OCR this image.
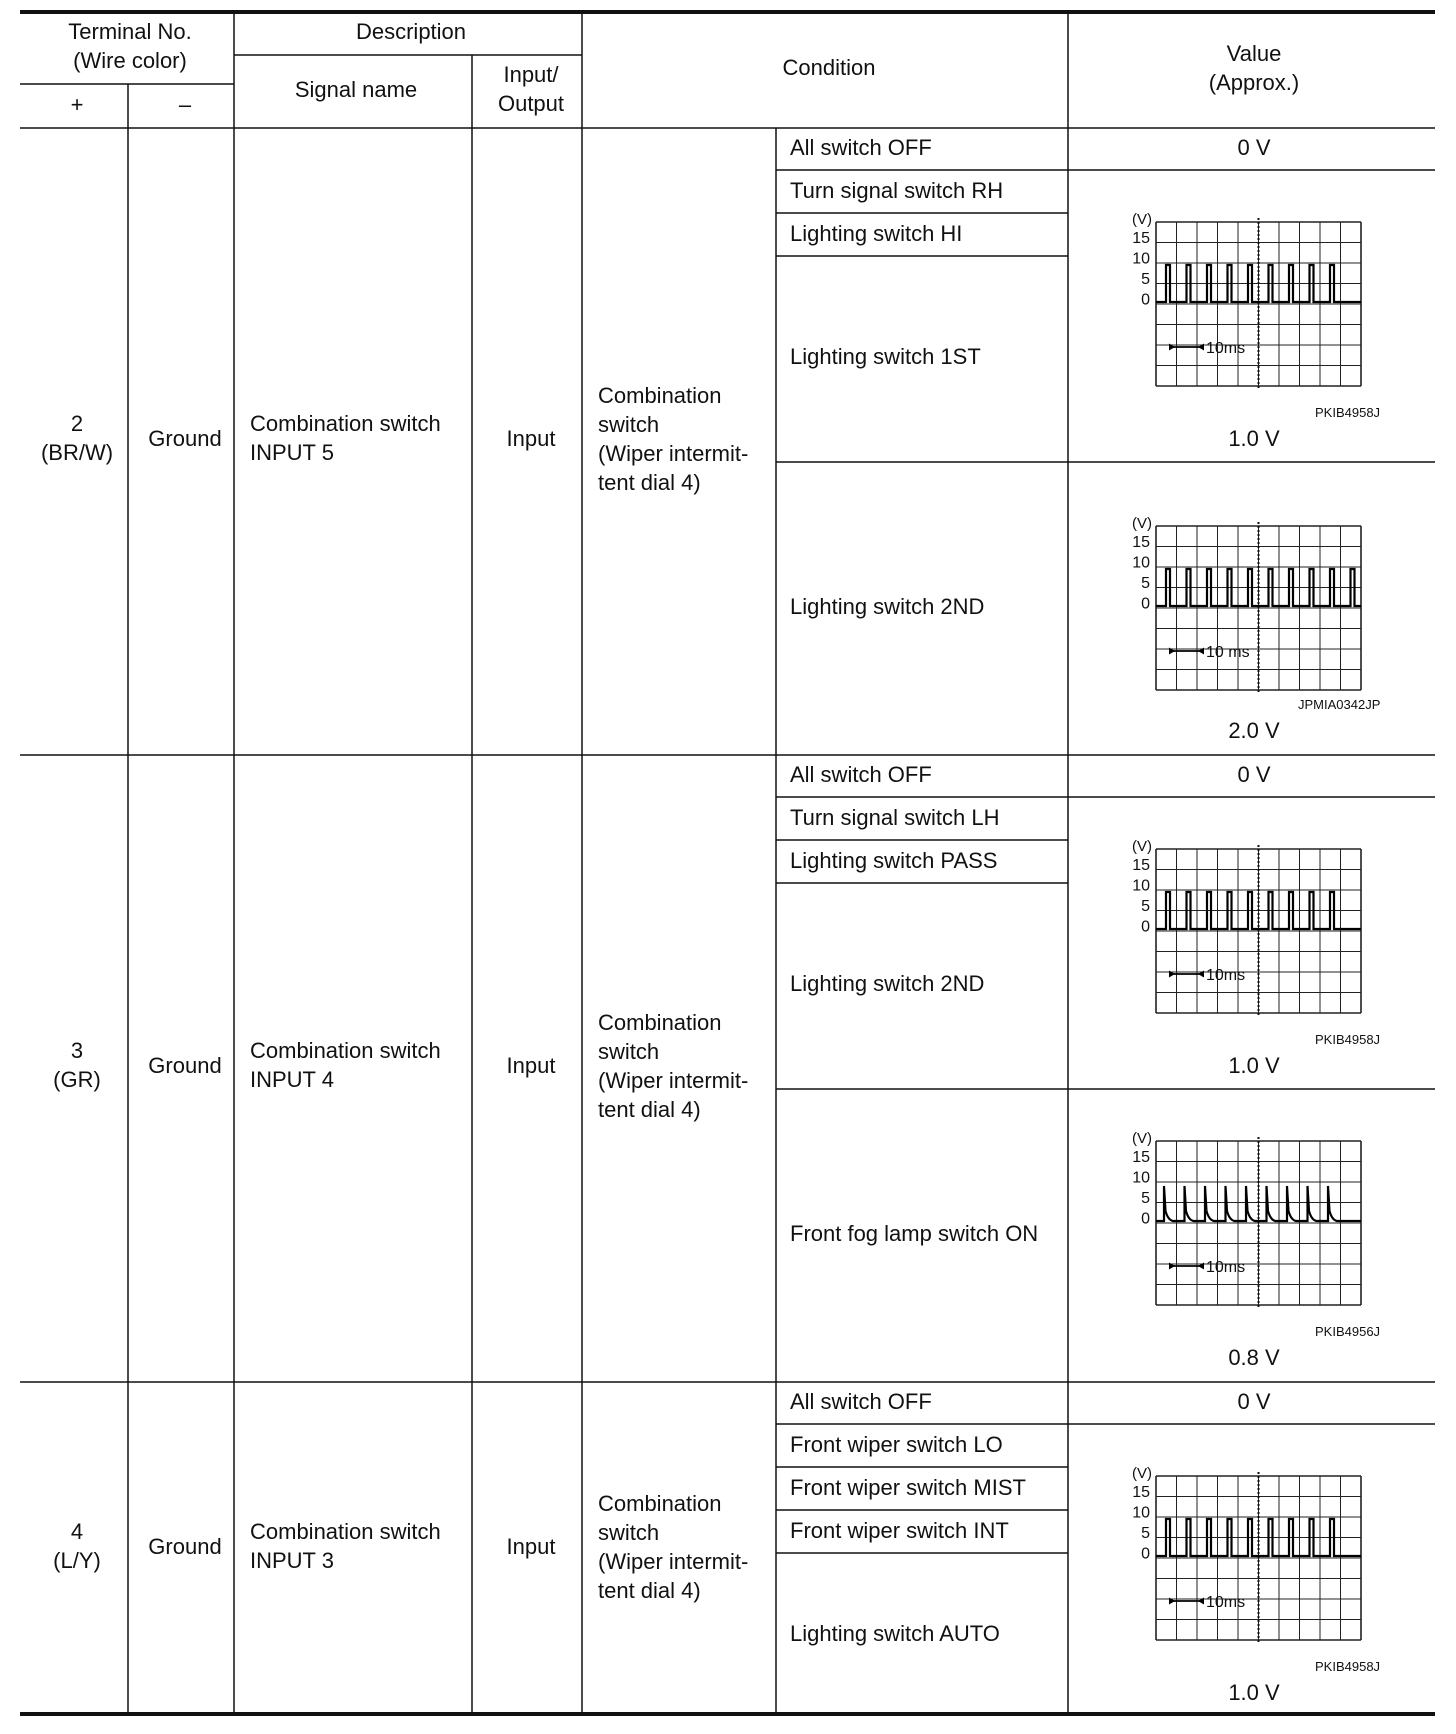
Terminal No.
(Wire color)
+	–
Description
Signal name
Input/
Output
Condition
Value
(Approx.)
2
(BR/W)
Ground
Combination switch
INPUT 5
Input
Combination
switch
(Wiper intermit-
tent dial 4)
All switch OFF
Turn signal switch RH
Lighting switch HI
Lighting switch 1ST
Lighting switch 2ND
0 V
(V)
15
10
5
0
10ms
PKIB4958J
1.0 V
(V)
15
10
5
0
10 ms
JPMIA0342JP
2.0 V
3
(GR)
Ground
Combination switch
INPUT 4
Input
Combination
switch
(Wiper intermit-
tent dial 4)
All switch OFF
Turn signal switch LH
Lighting switch PASS
Lighting switch 2ND
Front fog lamp switch ON
0 V
(V)
15
10
5
0
10ms
PKIB4958J
1.0 V
(V)
15
10
5
0
10ms
PKIB4956J
0.8 V
4
(L/Y)
Ground
Combination switch
INPUT 3
Input
Combination
switch
(Wiper intermit-
tent dial 4)
All switch OFF
Front wiper switch LO
Front wiper switch MIST
Front wiper switch INT
Lighting switch AUTO
0 V
(V)
15
10
5
0
10ms
PKIB4958J
1.0 V
